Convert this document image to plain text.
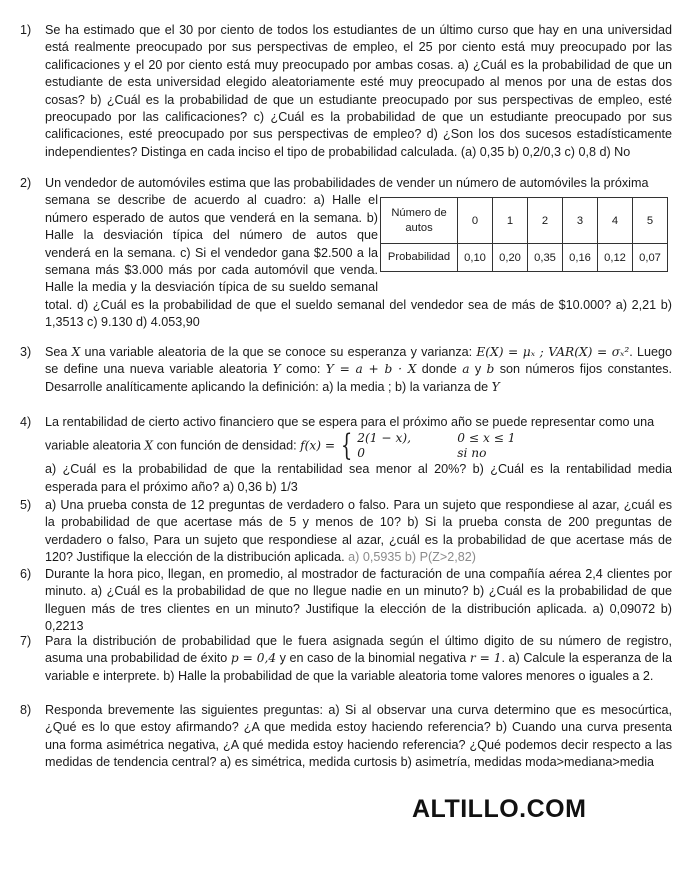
1)	Se ha estimado que el 30 por ciento de todos los estudiantes de un último curso que hay en una universidad está realmente preocupado por sus perspectivas de empleo, el 25 por ciento está muy preocupado por las calificaciones y el 20 por ciento está muy preocupado por ambas cosas. a) ¿Cuál es la probabilidad de que un estudiante de esta universidad elegido aleatoriamente esté muy preocupado al menos por una de estas dos cosas? b) ¿Cuál es la probabilidad de que un estudiante preocupado por sus perspectivas de empleo, esté preocupado por las calificaciones? c) ¿Cuál es la probabilidad de que un estudiante preocupado por sus calificaciones, esté preocupado por sus perspectivas de empleo? d) ¿Son los dos sucesos estadísticamente independientes? Distinga en cada inciso el tipo de probabilidad calculada. (a) 0,35 b) 0,2/0,3 c) 0,8 d) No
2)	Un vendedor de automóviles estima que las probabilidades de vender un número de automóviles la próxima
semana se describe de acuerdo al cuadro: a) Halle el
número esperado de autos que venderá en la semana. b)
Halle la desviación típica del número de autos que
venderá en la semana. c) Si el vendedor gana $2.500 a la
semana más $3.000 más por cada automóvil que venda.
Halle la media y la desviación típica de su sueldo semanal
total. d) ¿Cuál es la probabilidad de que el sueldo semanal del vendedor sea de más de $10.000? a) 2,21 b) 1,3513 c) 9.130 d) 4.053,90
Número de autos	0	1	2	3	4	5
Probabilidad	0,10	0,20	0,35	0,16	0,12	0,07
3)	Sea X una variable aleatoria de la que se conoce su esperanza y varianza: E(X) = μₓ ; VAR(X) = σₓ². Luego se define una nueva variable aleatoria Y como: Y = a + b · X donde a y b son números fijos constantes. Desarrolle analíticamente aplicando la definición: a) la media ; b) la varianza de Y
4)	La rentabilidad de cierto activo financiero que se espera para el próximo año se puede representar como una
variable aleatoria X con función de densidad: f(x) = { 2(1 − x),	0 ≤ x ≤ 1
0	si no
a) ¿Cuál es la probabilidad de que la rentabilidad sea menor al 20%? b) ¿Cuál es la rentabilidad media esperada para el próximo año? a) 0,36 b) 1/3
5)	a) Una prueba consta de 12 preguntas de verdadero o falso. Para un sujeto que respondiese al azar, ¿cuál es la probabilidad de que acertase más de 5 y menos de 10? b) Si la prueba consta de 200 preguntas de verdadero o falso, Para un sujeto que respondiese al azar, ¿cuál es la probabilidad de que acertase más de 120? Justifique la elección de la distribución aplicada. a) 0,5935 b) P(Z>2,82)
6)	Durante la hora pico, llegan, en promedio, al mostrador de facturación de una compañía aérea 2,4 clientes por minuto. a) ¿Cuál es la probabilidad de que no llegue nadie en un minuto? b) ¿Cuál es la probabilidad de que lleguen más de tres clientes en un minuto? Justifique la elección de la distribución aplicada. a) 0,09072 b) 0,2213
7)	Para la distribución de probabilidad que le fuera asignada según el último digito de su número de registro, asuma una probabilidad de éxito p = 0,4 y en caso de la binomial negativa r = 1. a) Calcule la esperanza de la variable e interprete. b) Halle la probabilidad de que la variable aleatoria tome valores menores o iguales a 2.
8)	Responda brevemente las siguientes preguntas: a) Si al observar una curva determino que es mesocúrtica, ¿Qué es lo que estoy afirmando? ¿A que medida estoy haciendo referencia? b) Cuando una curva presenta una forma asimétrica negativa, ¿A qué medida estoy haciendo referencia? ¿Qué podemos decir respecto a las medidas de tendencia central? a) es simétrica, medida curtosis b) asimetría, medidas moda>mediana>media
ALTILLO.COM
